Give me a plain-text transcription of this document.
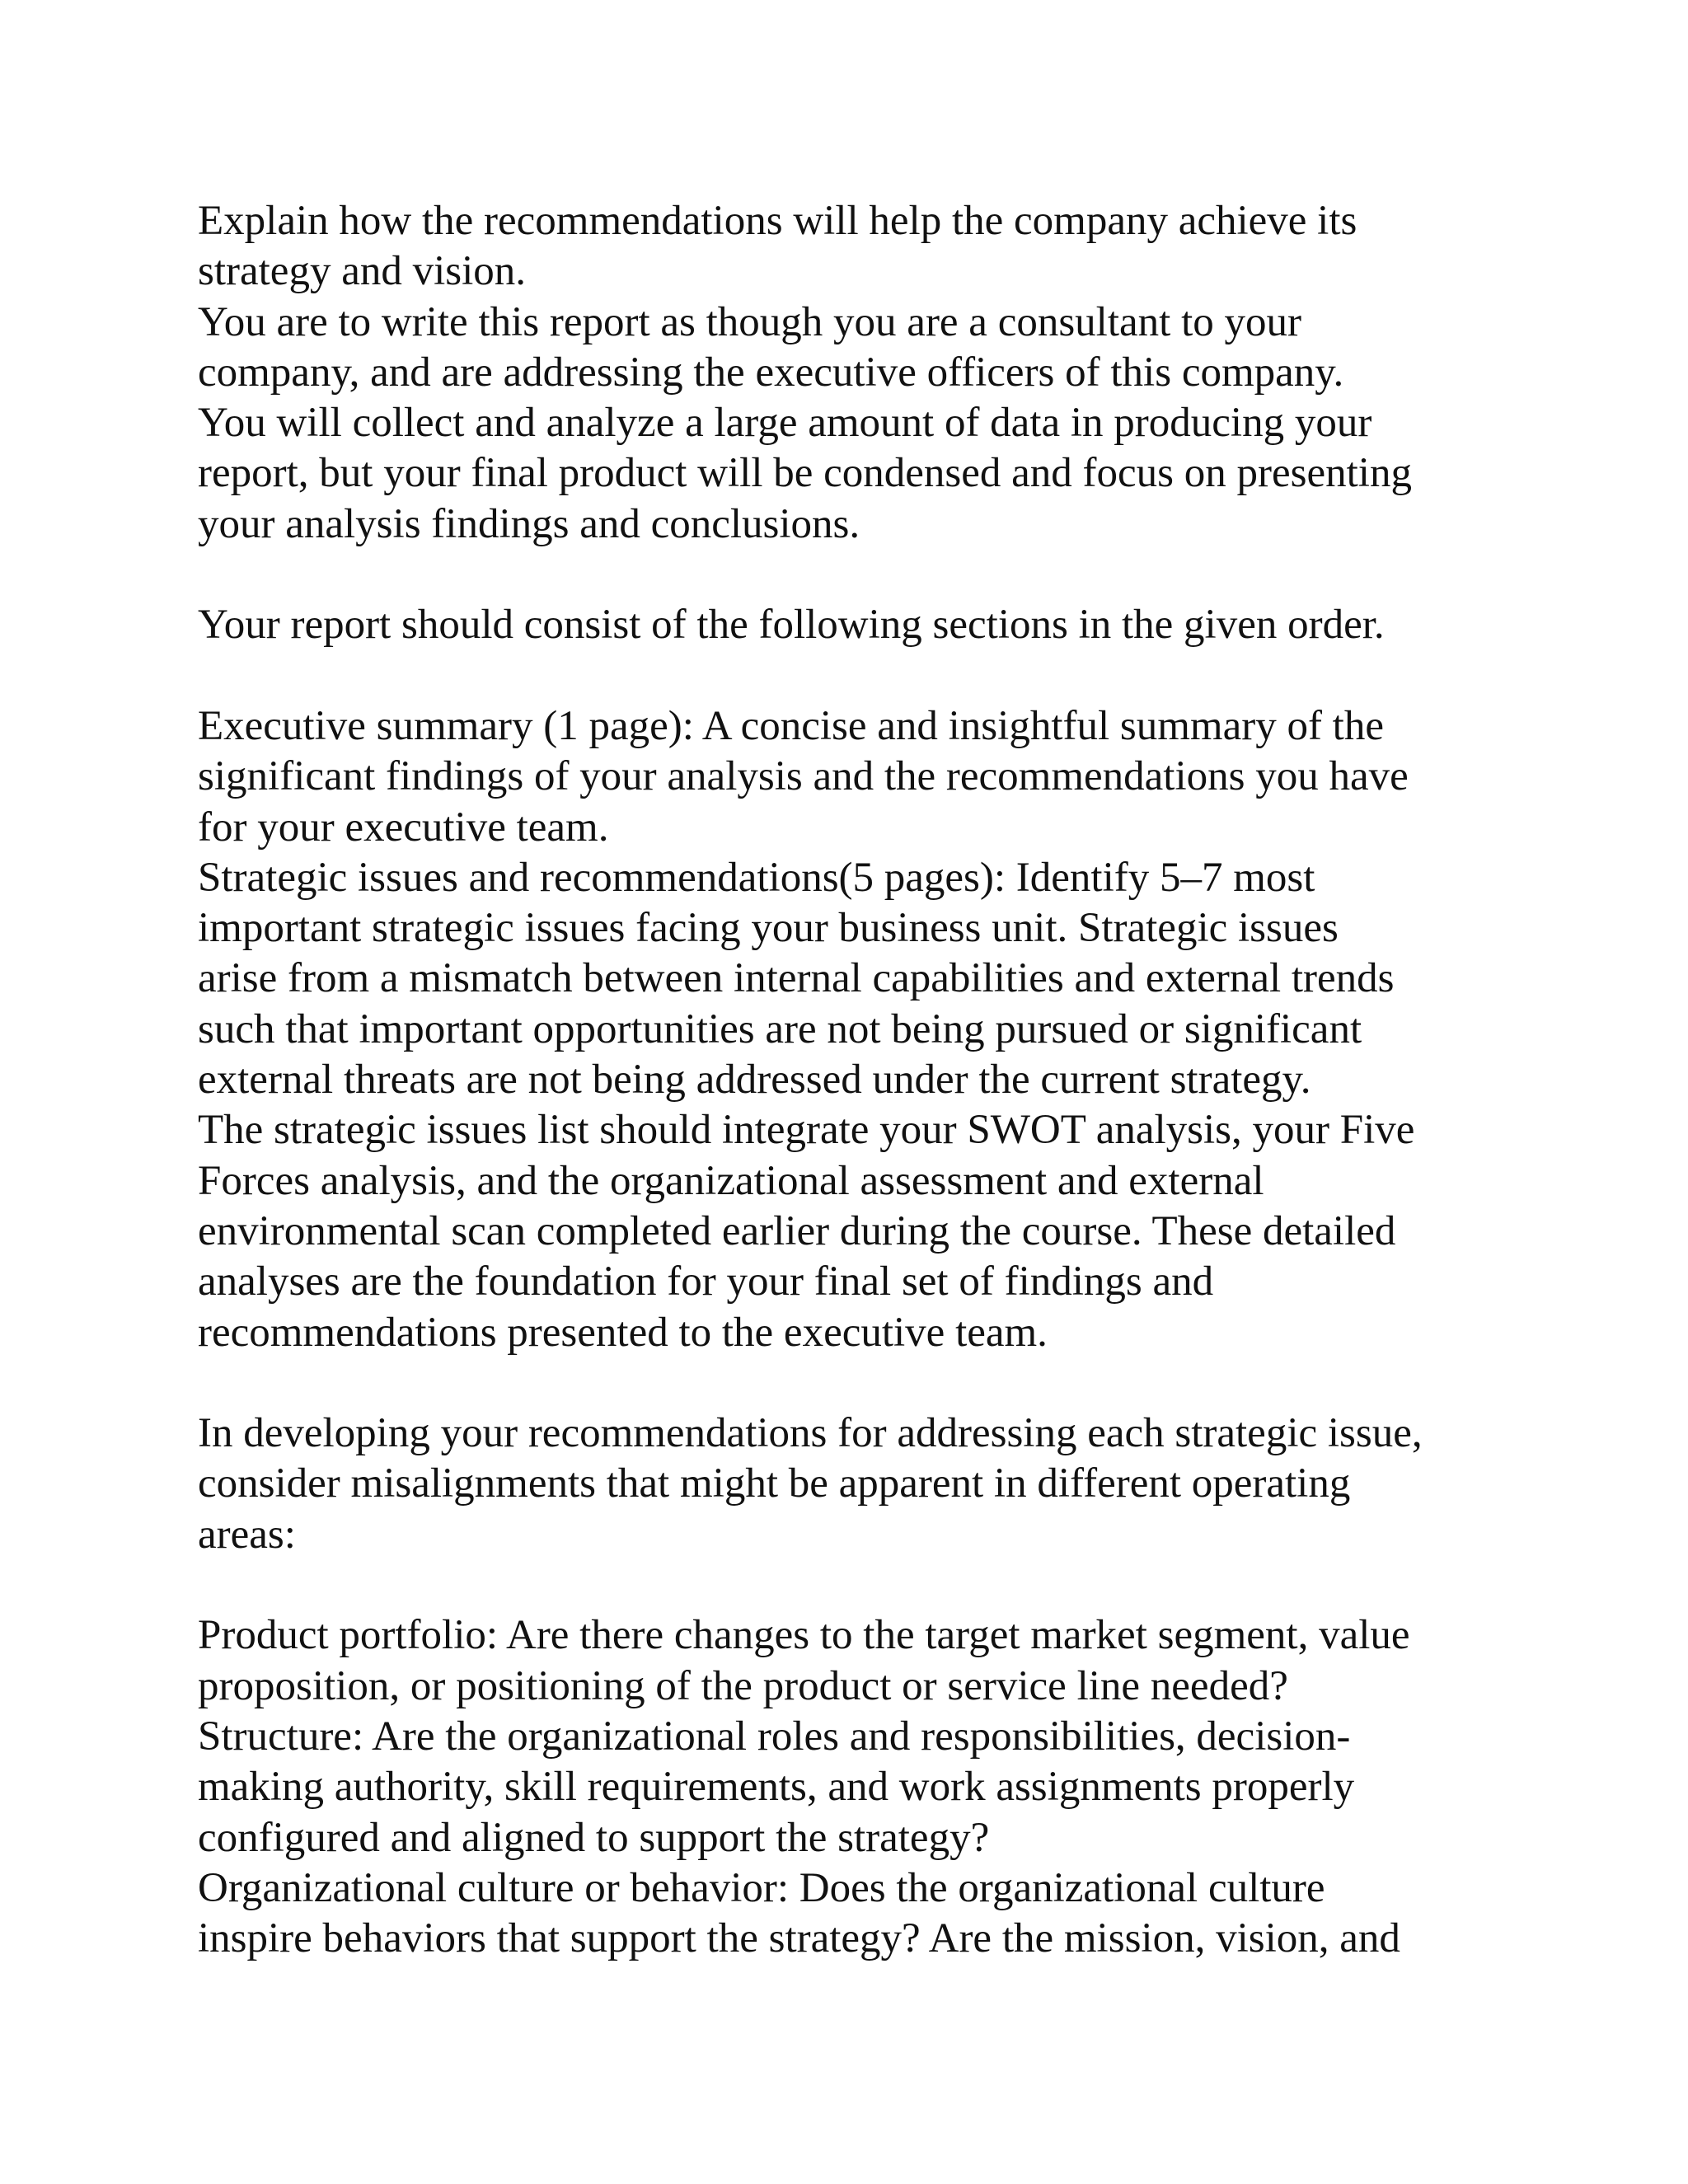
Explain how the recommendations will help the company achieve its
strategy and vision.
You are to write this report as though you are a consultant to your
company, and are addressing the executive officers of this company.
You will collect and analyze a large amount of data in producing your
report, but your final product will be condensed and focus on presenting
your analysis findings and conclusions.
Your report should consist of the following sections in the given order.
Executive summary (1 page): A concise and insightful summary of the
significant findings of your analysis and the recommendations you have
for your executive team.
Strategic issues and recommendations(5 pages): Identify 5–7 most
important strategic issues facing your business unit. Strategic issues
arise from a mismatch between internal capabilities and external trends
such that important opportunities are not being pursued or significant
external threats are not being addressed under the current strategy.
The strategic issues list should integrate your SWOT analysis, your Five
Forces analysis, and the organizational assessment and external
environmental scan completed earlier during the course. These detailed
analyses are the foundation for your final set of findings and
recommendations presented to the executive team.
In developing your recommendations for addressing each strategic issue,
consider misalignments that might be apparent in different operating
areas:
Product portfolio: Are there changes to the target market segment, value
proposition, or positioning of the product or service line needed?
Structure: Are the organizational roles and responsibilities, decision-
making authority, skill requirements, and work assignments properly
configured and aligned to support the strategy?
Organizational culture or behavior: Does the organizational culture
inspire behaviors that support the strategy? Are the mission, vision, and
